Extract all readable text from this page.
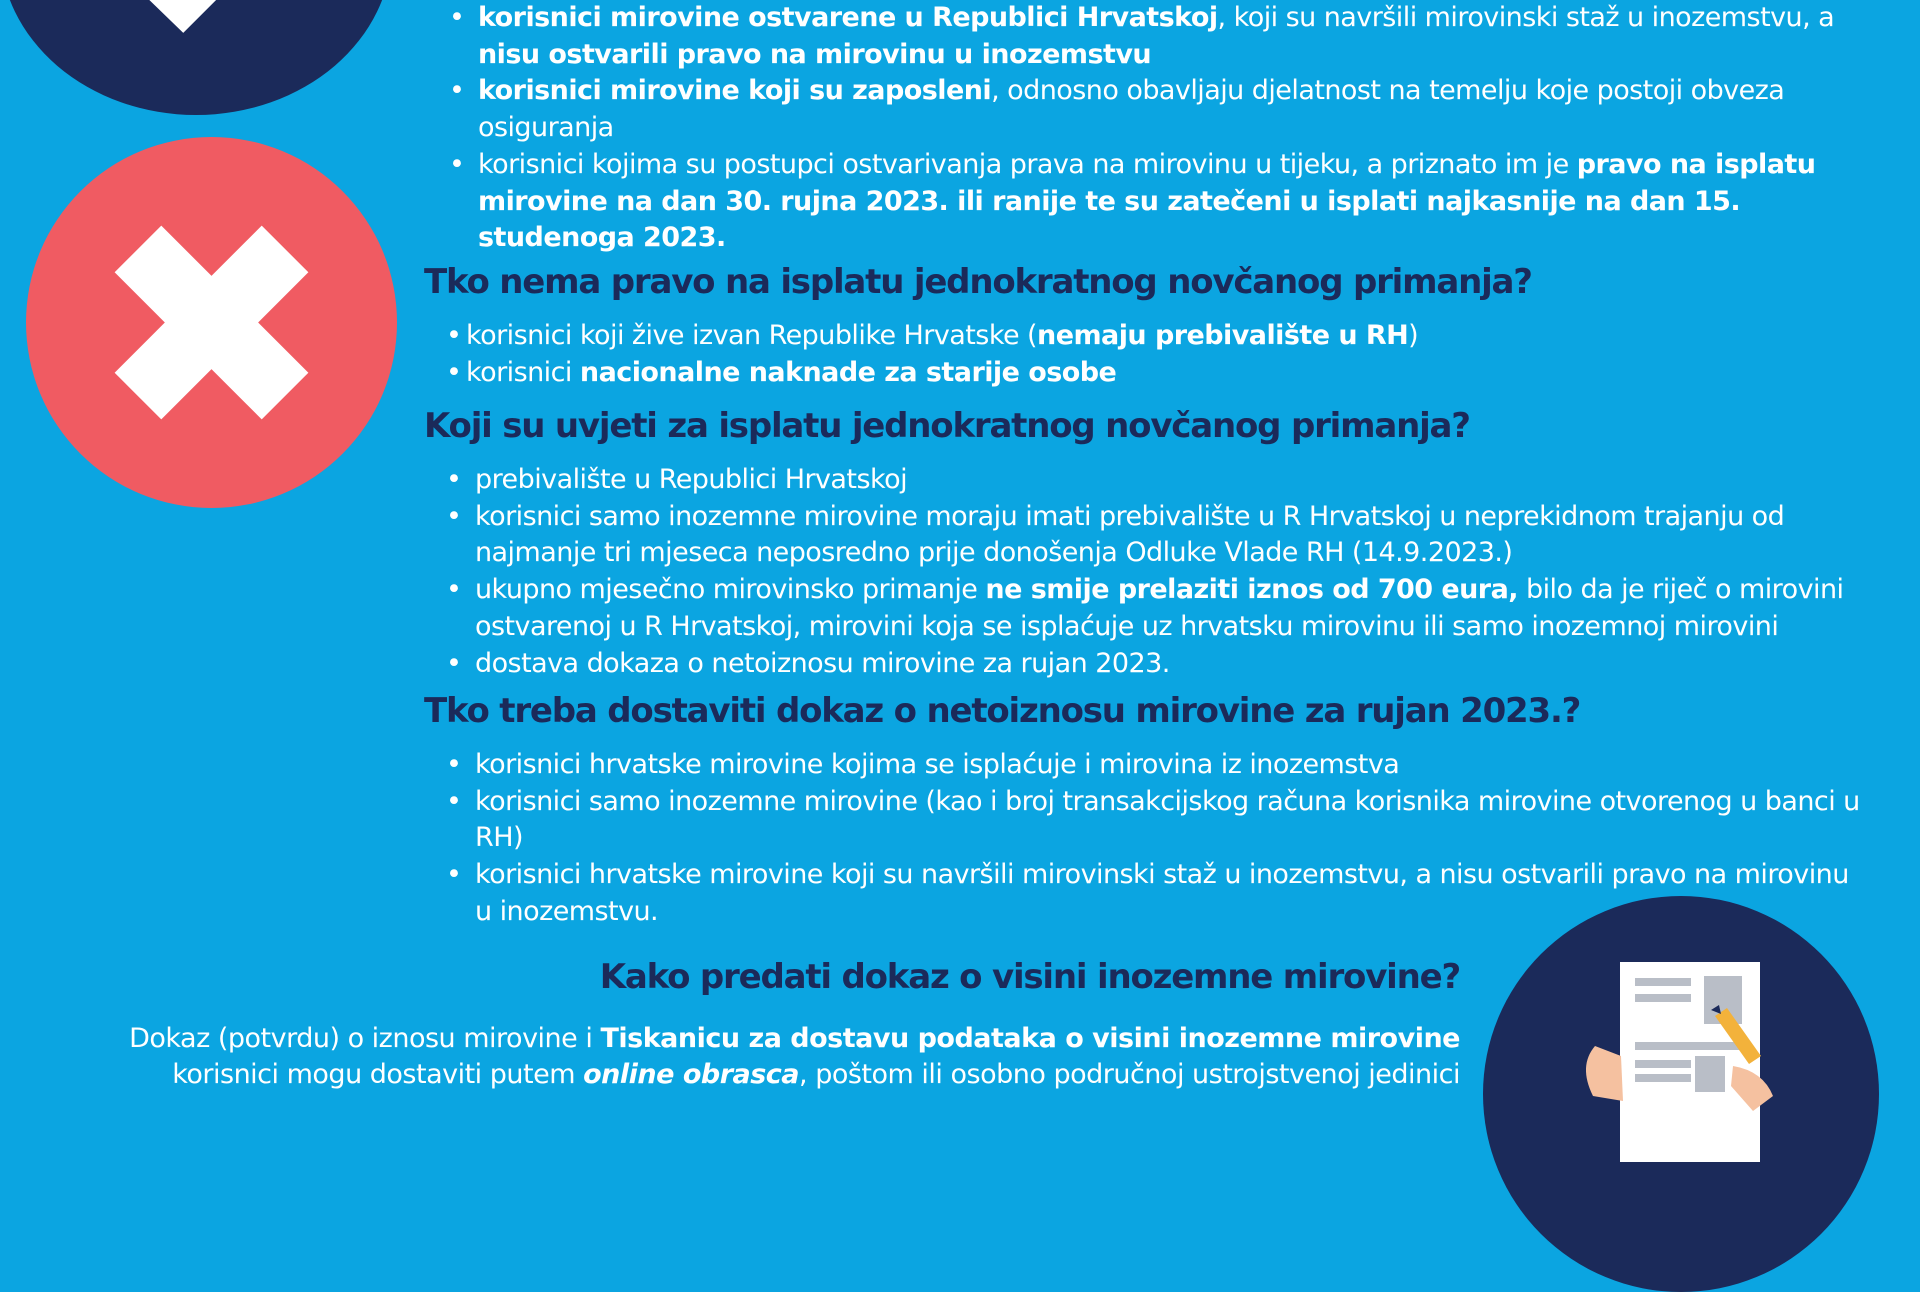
• korisnici mirovine ostvarene u Republici Hrvatskoj, koji su navršili mirovinski staž u inozemstvu, a nisu ostvarili pravo na mirovinu u inozemstvu
• korisnici mirovine koji su zaposleni, odnosno obavljaju djelatnost na temelju koje postoji obveza osiguranja
• korisnici kojima su postupci ostvarivanja prava na mirovinu u tijeku, a priznato im je pravo na isplatu mirovine na dan 30. rujna 2023. ili ranije te su zatečeni u isplati najkasnije na dan 15. studenoga 2023.
Tko nema pravo na isplatu jednokratnog novčanog primanja?
• korisnici koji žive izvan Republike Hrvatske (nemaju prebivalište u RH)
• korisnici nacionalne naknade za starije osobe
Koji su uvjeti za isplatu jednokratnog novčanog primanja?
• prebivalište u Republici Hrvatskoj
• korisnici samo inozemne mirovine moraju imati prebivalište u R Hrvatskoj u neprekidnom trajanju od najmanje tri mjeseca neposredno prije donošenja Odluke Vlade RH (14.9.2023.)
• ukupno mjesečno mirovinsko primanje ne smije prelaziti iznos od 700 eura, bilo da je riječ o mirovini ostvarenoj u R Hrvatskoj, mirovini koja se isplaćuje uz hrvatsku mirovinu ili samo inozemnoj mirovini
• dostava dokaza o netoiznosu mirovine za rujan 2023.
Tko treba dostaviti dokaz o netoiznosu mirovine za rujan 2023.?
• korisnici hrvatske mirovine kojima se isplaćuje i mirovina iz inozemstva
• korisnici samo inozemne mirovine (kao i broj transakcijskog računa korisnika mirovine otvorenog u banci u RH)
• korisnici hrvatske mirovine koji su navršili mirovinski staž u inozemstvu, a nisu ostvarili pravo na mirovinu u inozemstvu.
Kako predati dokaz o visini inozemne mirovine?
Dokaz (potvrdu) o iznosu mirovine i Tiskanicu za dostavu podataka o visini inozemne mirovine
korisnici mogu dostaviti putem online obrasca, poštom ili osobno područnoj ustrojstvenoj jedinici
